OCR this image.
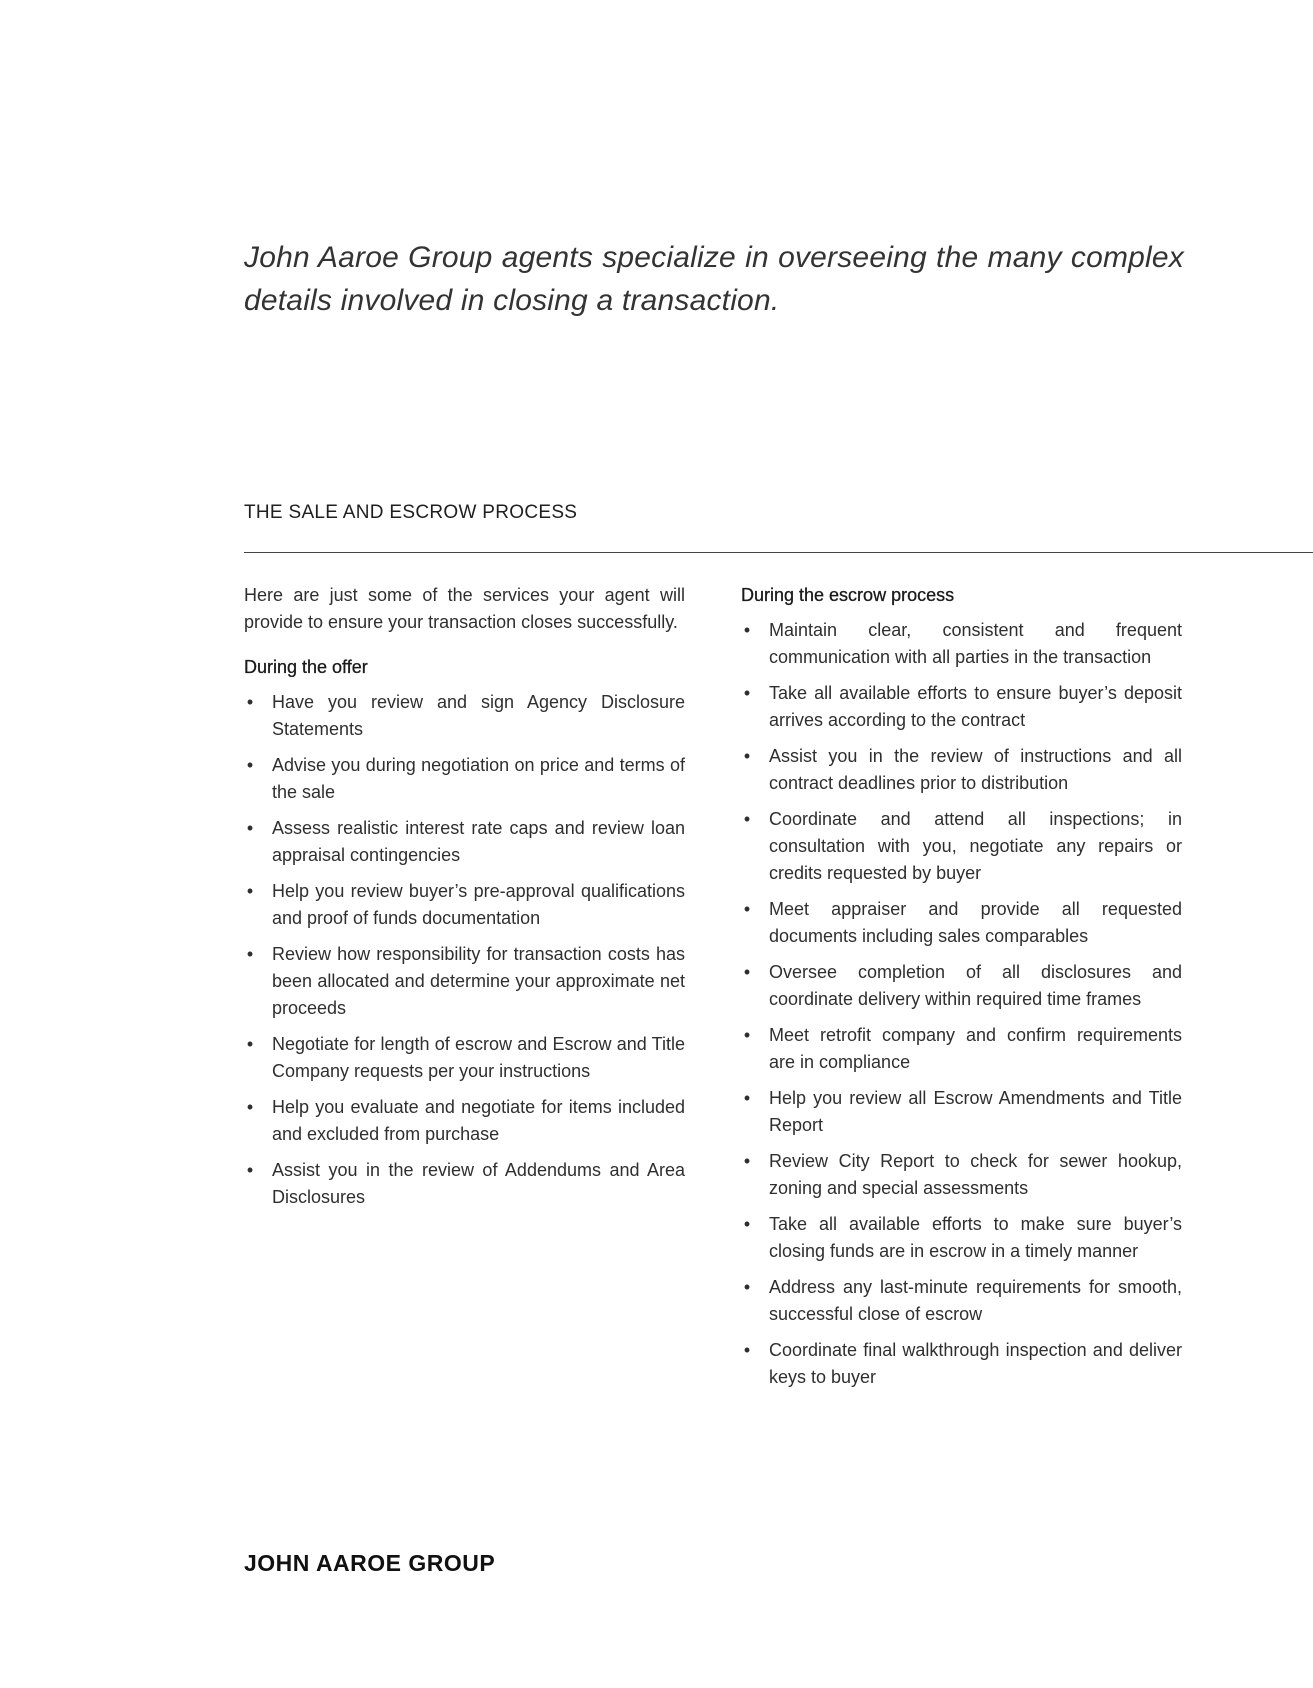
John Aaroe Group agents specialize in overseeing the many complex details involved in closing a transaction.

THE SALE AND ESCROW PROCESS

Here are just some of the services your agent will provide to ensure your transaction closes successfully.

During the offer
• Have you review and sign Agency Disclosure Statements
• Advise you during negotiation on price and terms of the sale
• Assess realistic interest rate caps and review loan appraisal contingencies
• Help you review buyer’s pre-approval qualifications and proof of funds documentation
• Review how responsibility for transaction costs has been allocated and determine your approximate net proceeds
• Negotiate for length of escrow and Escrow and Title Company requests per your instructions
• Help you evaluate and negotiate for items included and excluded from purchase
• Assist you in the review of Addendums and Area Disclosures
During the escrow process
• Maintain clear, consistent and frequent communication with all parties in the transaction
• Take all available efforts to ensure buyer’s deposit arrives according to the contract
• Assist you in the review of instructions and all contract deadlines prior to distribution
• Coordinate and attend all inspections; in consultation with you, negotiate any repairs or credits requested by buyer
• Meet appraiser and provide all requested documents including sales comparables
• Oversee completion of all disclosures and coordinate delivery within required time frames
• Meet retrofit company and confirm requirements are in compliance
• Help you review all Escrow Amendments and Title Report
• Review City Report to check for sewer hookup, zoning and special assessments
• Take all available efforts to make sure buyer’s closing funds are in escrow in a timely manner
• Address any last-minute requirements for smooth, successful close of escrow
• Coordinate final walkthrough inspection and deliver keys to buyer

JOHN AAROE GROUP
